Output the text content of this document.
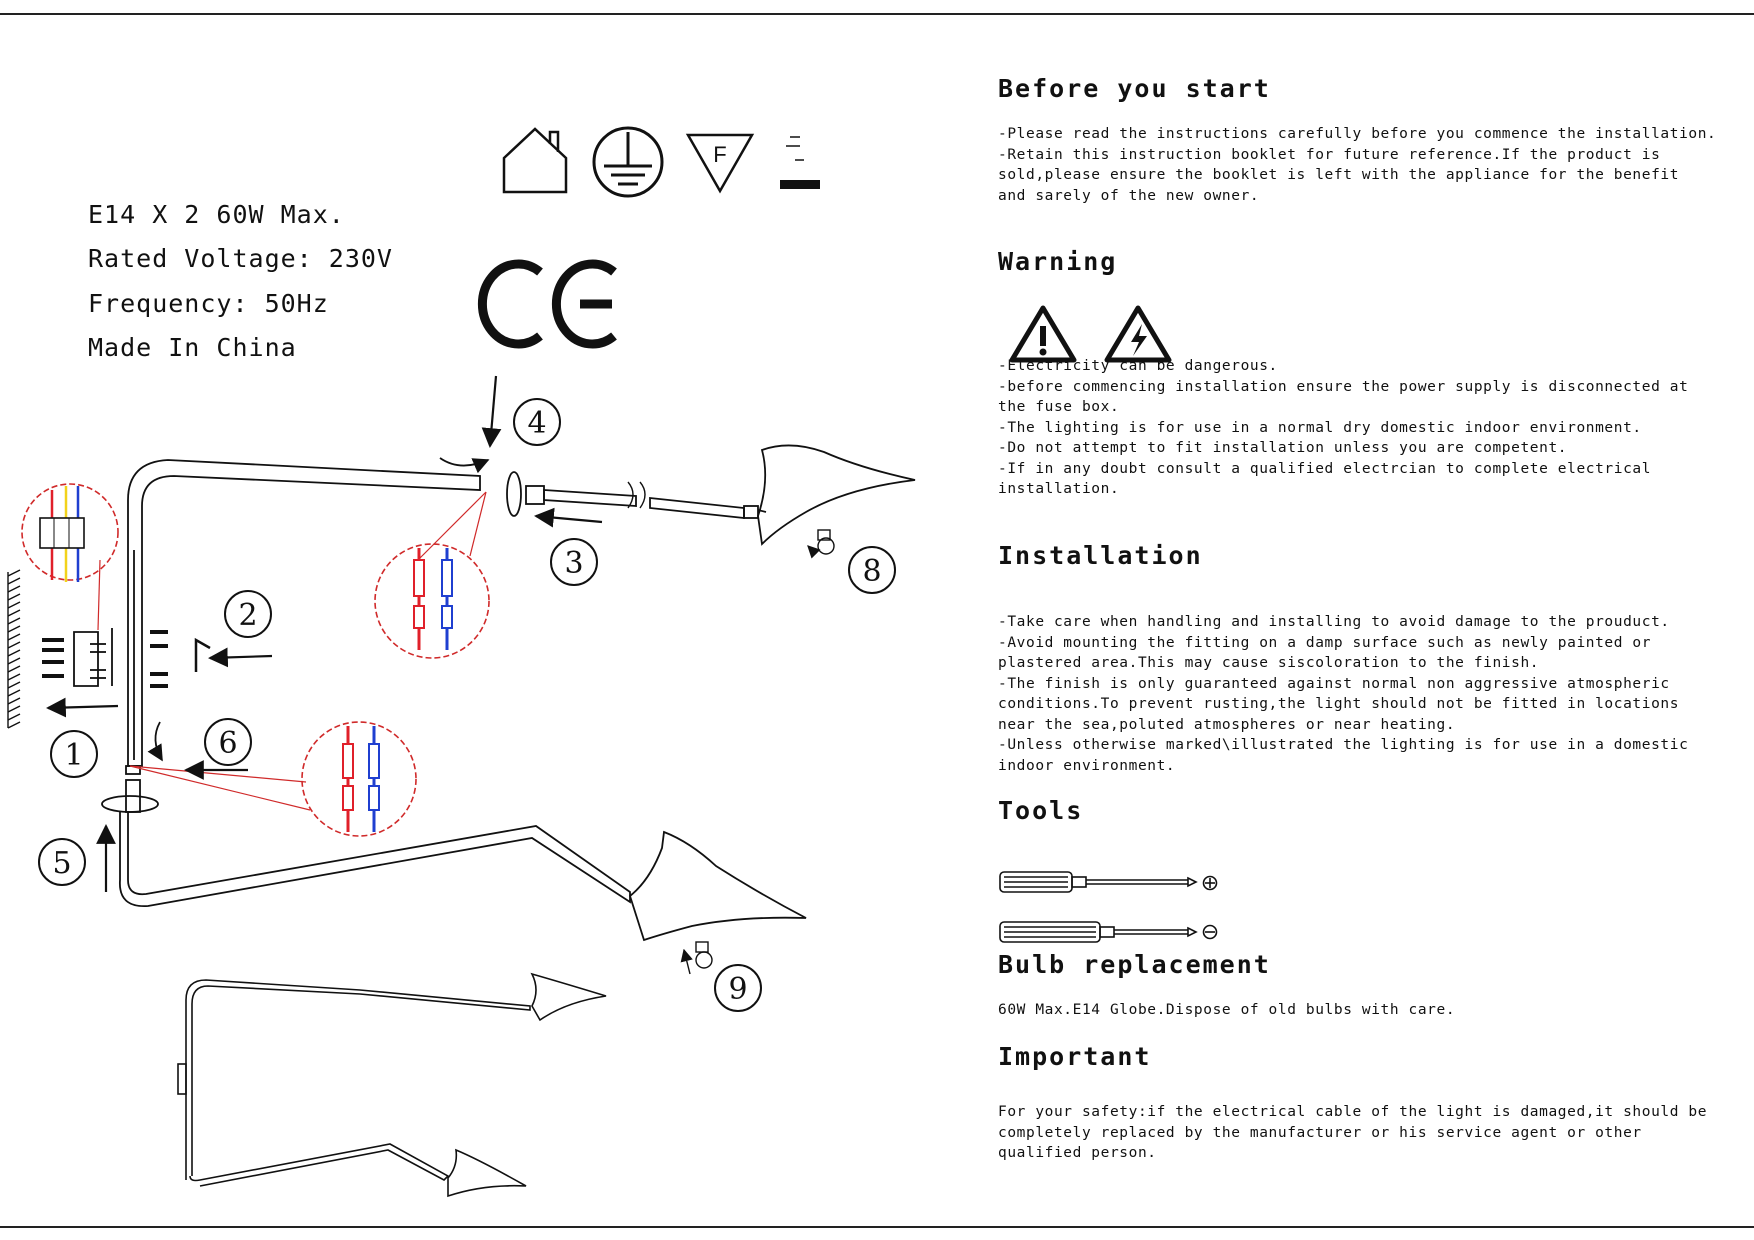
E14 X 2 60W Max.
Rated Voltage: 230V
Frequency: 50Hz
Made In China
F
1
2
3
4
5
6
8
9
Before you start
-Please read the instructions carefully before you commence the installation.
-Retain this instruction booklet for future reference.If the product is
sold,please ensure the booklet is left with the appliance for the benefit
and sarely of the new owner.
Warning
-Electricity can be dangerous.
-before commencing installation ensure the power supply is disconnected at
the fuse box.
-The lighting is for use in a normal dry domestic indoor environment.
-Do not attempt to fit installation unless you are competent.
-If in any doubt consult a qualified electrcian to complete electrical
installation.
Installation
-Take care when handling and installing to avoid damage to the prouduct.
-Avoid mounting the fitting on a damp surface such as newly painted or
plastered area.This may cause siscoloration to the finish.
-The finish is only guaranteed against normal non aggressive atmospheric
conditions.To prevent rusting,the light should not be fitted in locations
near the sea,poluted atmospheres or near heating.
-Unless otherwise marked\illustrated the lighting is for use in a domestic
indoor environment.
Tools
Bulb replacement
60W Max.E14 Globe.Dispose of old bulbs with care.
Important
For your safety:if the electrical cable of the light is damaged,it should be
completely replaced by the manufacturer or his service agent or other
qualified person.
